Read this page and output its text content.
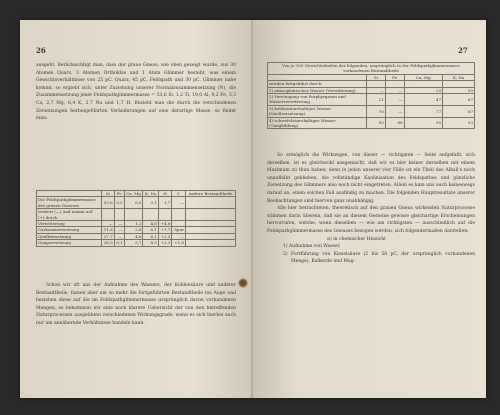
26

ausgeht. Berücksichtigt man, dass der graue Gneus, wie oben gezeigt wurde, aus 30 Atomen Quarz, 3 Atomen Orthoklas und 1 Atom Glimmer besteht, was einem Gewichtsverhältnisse von 25 pC. Quarz, 45 pC. Feldspath und 30 pC. Glimmer nahe kommt, so ergiebt sich, unter Zuziehung unserer Normalzusammensetzung (N), die Zusammensetzung jener Feldspathglimmermasse = 53,6 Si, 1,2 Ti, 19,0 Al, 9,2 Fe, 3,3 Ca, 2,7 Mg, 6,4 K, 2,7 Na und 1,7 H. Bezieht man die durch die verschiedenen Zersetzungen herbeigeführten Veränderungen auf eine derartige Masse, so findet man:

	Si	Fe	Ca, Mg	K, Na	H	C	Andere Bestandtheile
Die Feldspathglimmermasse des grauen Gneuses	53,6	9,2	6,0	9,1	1,7	—	
verliert (—) und nimmt auf (+) durch							
Verwitterung	—	—	1,2	4,6	+4,6		
Carbonatzersetzung	11,6	—	2,8	6,1	+1,7	Spur	
Quellzersetzung	37,7	—	4,6	6,1	+2,3	—	
Gangzersetzung	26,9	8,1	5,7	8,5	+2,3	+1,8	

Schon wir oft aus der Aufnahme des Wassers, der Kohlensäure und anderer Bestandtheile, fassen aber am so mehr die fortgeführten Bestandtheile ins Auge und beziehen diese auf die im Feldspathglimmermasse ursprünglich davon vorhandenen Mengen, so bekommen wir eine noch klarere Uebersicht der von den betreffenden Naturprocessen ausgeübten verschiedenen Wirkungsgrade, wenn es sich hierbei auch nur um annähernde Verhältnisse handeln kann.

27
Von je 100 Gewichtstheilen der folgenden, ursprünglich in der Feldspathglimmermasse vorhandenen Bestandtheile				
	Si	Fe	Ca, Mg	K, Na
werden fortgeführt durch:				
1) atmosphärisches Wasser (Verwitterung)	—	—	20	50
2) Vereinigung von Porphyrgasen und Wasserverwitterung	21	—	47	67
3) kohlensäurehaltiges Wasser (Quellzersetzung)	70	—	77	67
4) schwefelsäurehaltiges Wasser (Gangbildung)	50	88	95	93

So ermöglich die Wirkungen, von dieser — richtigsten — Seite aufgefaßt, sich derselben, ist es gleichwohl ausgemacht, daß wir es hier keiner derselben mit einem Maximum zu thun haben; denn in jeden unserer vier Fälle ist ein Theil des Alkali's noch unaufbäbt geblieben, die vollständige Kaolinisation des Feldspathes und gänzliche Zersetzung des Glimmers also noch nicht eingetreten. Allein es kam uns auch keineswegs darauf an, einen solchen Fall ausfindig zu machen. Die folgenden Hauptresultate unserer Beobachtungen sind hiervon ganz unabhängig.

Alle hier betrachteten, theoretisch auf den grauen Gneus wirkenden Naturprocesse stimmen darin überein, daß sie an diesem Gesteine gewisse gleichartige Erscheinungen hervorrufen, welche, wenn dieselben — wie am richtigsten — ausschließlich auf die Feldspathglimmermasse des Gneuses bezogen werden, sich folgendermaßen darstellen:

α) in chemischer Hinsicht

1) Aufnahme von Wasser,

2) Fortführung von Kieselsäure (2 bis 58 pC. der ursprünglich vorhandenen Menge), Kalkerde und Mag-
